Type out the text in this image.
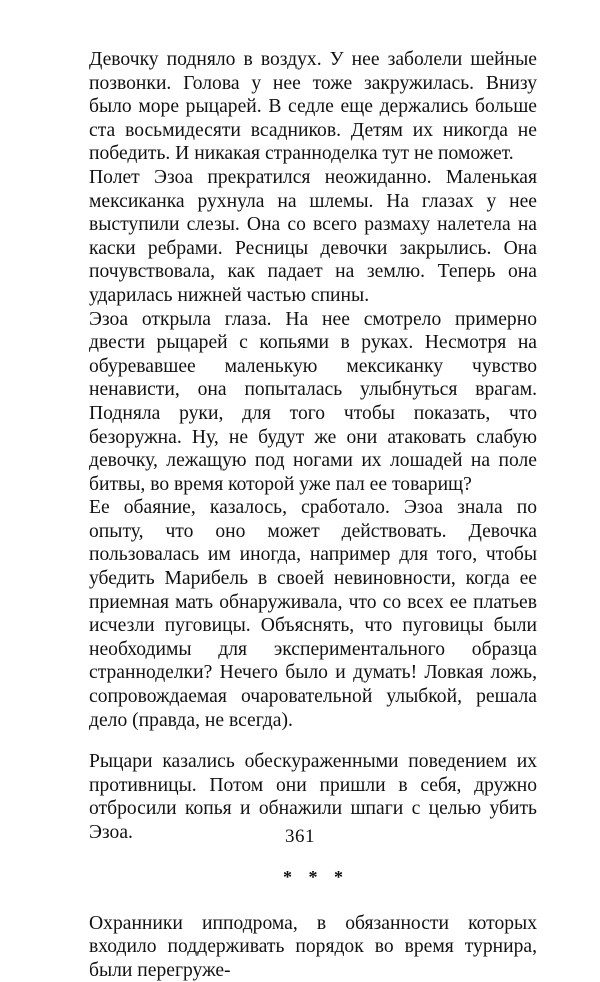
Девочку подняло в воздух. У нее заболели шейные позвонки. Голова у нее тоже закружилась. Внизу было море рыцарей. В седле еще держались больше ста восьмидесяти всадников. Детям их никогда не победить. И никакая странноделка тут не поможет.

Полет Эзоа прекратился неожиданно. Маленькая мексиканка рухнула на шлемы. На глазах у нее выступили слезы. Она со всего размаху налетела на каски ребрами. Ресницы девочки закрылись. Она почувствовала, как падает на землю. Теперь она ударилась нижней частью спины.

Эзоа открыла глаза. На нее смотрело примерно двести рыцарей с копьями в руках. Несмотря на обуревавшее маленькую мексиканку чувство ненависти, она попыталась улыбнуться врагам. Подняла руки, для того чтобы показать, что безоружна. Ну, не будут же они атаковать слабую девочку, лежащую под ногами их лошадей на поле битвы, во время которой уже пал ее товарищ?

Ее обаяние, казалось, сработало. Эзоа знала по опыту, что оно может действовать. Девочка пользовалась им иногда, например для того, чтобы убедить Марибель в своей невиновности, когда ее приемная мать обнаруживала, что со всех ее платьев исчезли пуговицы. Объяснять, что пуговицы были необходимы для экспериментального образца странноделки? Нечего было и думать! Ловкая ложь, сопровождаемая очаровательной улыбкой, решала дело (правда, не всегда).

Рыцари казались обескураженными поведением их противницы. Потом они пришли в себя, дружно отбросили копья и обнажили шпаги с целью убить Эзоа.

* * *

Охранники ипподрома, в обязанности которых входило поддерживать порядок во время турнира, были перегруже-

361
